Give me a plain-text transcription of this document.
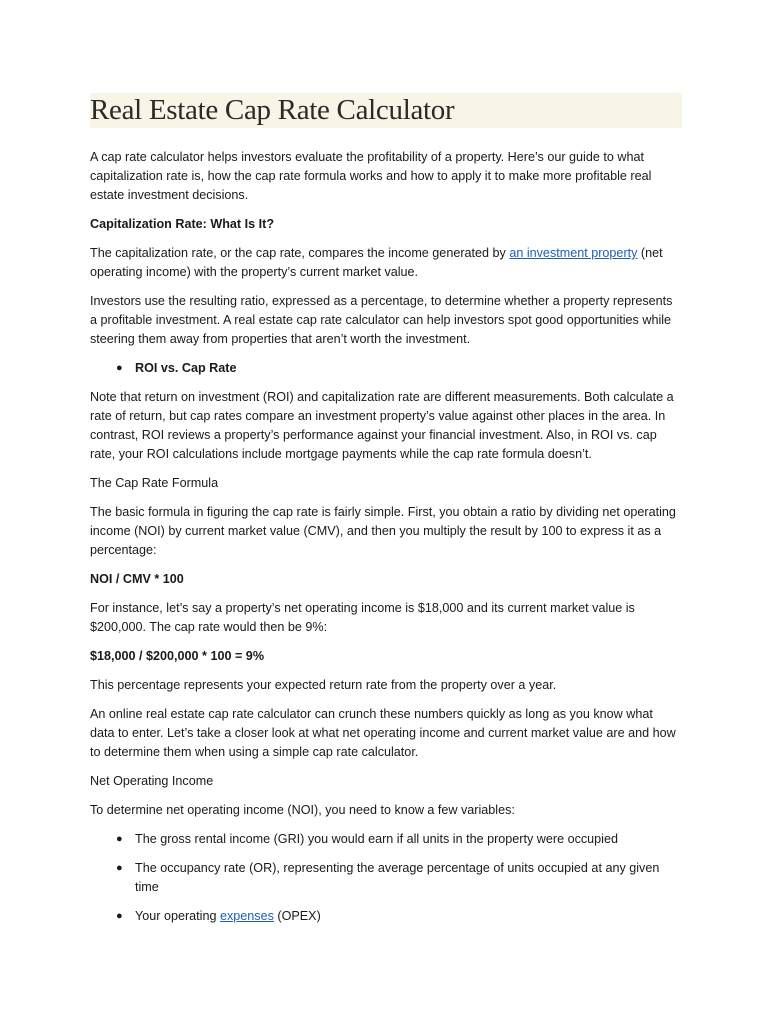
Real Estate Cap Rate Calculator

A cap rate calculator helps investors evaluate the profitability of a property. Here’s our guide to what capitalization rate is, how the cap rate formula works and how to apply it to make more profitable real estate investment decisions.

Capitalization Rate: What Is It?

The capitalization rate, or the cap rate, compares the income generated by an investment property (net operating income) with the property’s current market value.

Investors use the resulting ratio, expressed as a percentage, to determine whether a property represents a profitable investment. A real estate cap rate calculator can help investors spot good opportunities while steering them away from properties that aren’t worth the investment.

● ROI vs. Cap Rate

Note that return on investment (ROI) and capitalization rate are different measurements. Both calculate a rate of return, but cap rates compare an investment property’s value against other places in the area. In contrast, ROI reviews a property’s performance against your financial investment. Also, in ROI vs. cap rate, your ROI calculations include mortgage payments while the cap rate formula doesn’t.

The Cap Rate Formula

The basic formula in figuring the cap rate is fairly simple. First, you obtain a ratio by dividing net operating income (NOI) by current market value (CMV), and then you multiply the result by 100 to express it as a percentage:

NOI / CMV * 100

For instance, let’s say a property’s net operating income is $18,000 and its current market value is $200,000. The cap rate would then be 9%:

$18,000 / $200,000 * 100 = 9%

This percentage represents your expected return rate from the property over a year.

An online real estate cap rate calculator can crunch these numbers quickly as long as you know what data to enter. Let’s take a closer look at what net operating income and current market value are and how to determine them when using a simple cap rate calculator.

Net Operating Income

To determine net operating income (NOI), you need to know a few variables:

● The gross rental income (GRI) you would earn if all units in the property were occupied
● The occupancy rate (OR), representing the average percentage of units occupied at any given time
● Your operating expenses (OPEX)
